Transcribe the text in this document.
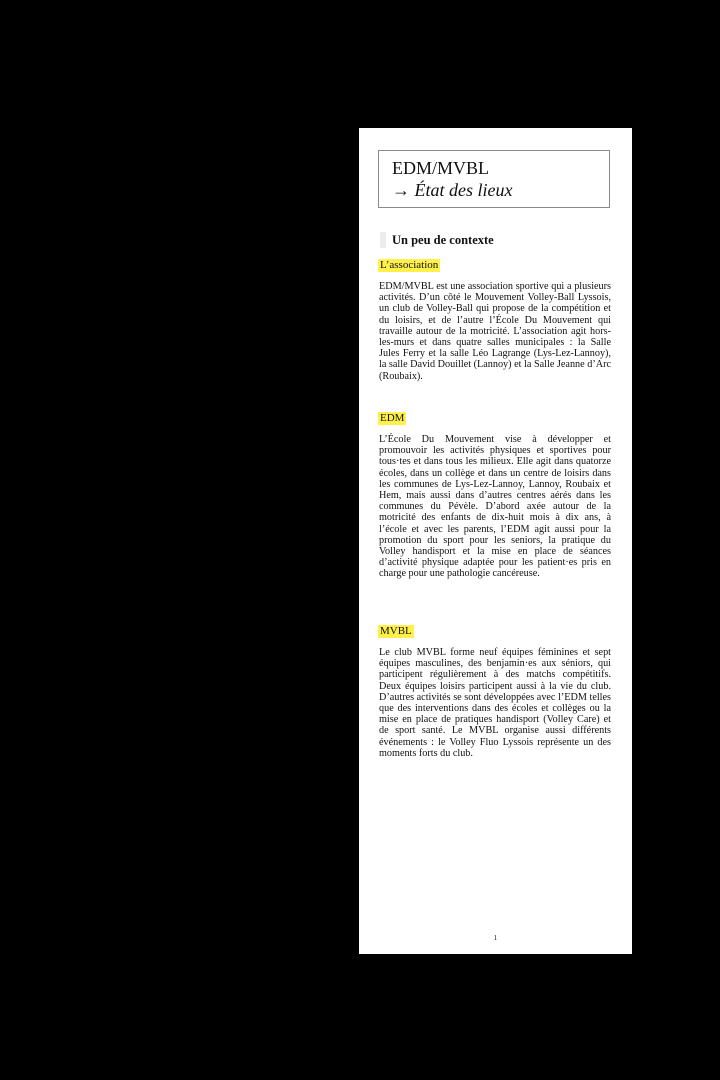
EDM/MVBL
→ État des lieux
Un peu de contexte
L’association
EDM/MVBL est une association sportive qui a plusieurs activités. D’un côté le Mouvement Volley-Ball Lyssois, un club de Volley-Ball qui propose de la compétition et du loisirs, et de l’autre l’École Du Mouvement qui travaille autour de la motricité. L’association agit hors-les-murs et dans quatre salles municipales : la Salle Jules Ferry et la salle Léo Lagrange (Lys-Lez-Lannoy), la salle David Douillet (Lannoy) et la Salle Jeanne d’Arc (Roubaix).
EDM
L’École Du Mouvement vise à développer et promouvoir les activités physiques et sportives pour tous·tes et dans tous les milieux. Elle agit dans quatorze écoles, dans un collège et dans un centre de loisirs dans les communes de Lys-Lez-Lannoy, Lannoy, Roubaix et Hem, mais aussi dans d’autres centres aérés dans les communes du Pévèle. D’abord axée autour de la motricité des enfants de dix-huit mois à dix ans, à l’école et avec les parents, l’EDM agit aussi pour la promotion du sport pour les seniors, la pratique du Volley handisport et la mise en place de séances d’activité physique adaptée pour les patient·es pris en charge pour une pathologie cancéreuse.
MVBL
Le club MVBL forme neuf équipes féminines et sept équipes masculines, des benjamin·es aux séniors, qui participent régulièrement à des matchs compétitifs. Deux équipes loisirs participent aussi à la vie du club. D’autres activités se sont développées avec l’EDM telles que des interventions dans des écoles et collèges ou la mise en place de pratiques handisport (Volley Care) et de sport santé. Le MVBL organise aussi différents événements : le Volley Fluo Lyssois représente un des moments forts du club.
1
